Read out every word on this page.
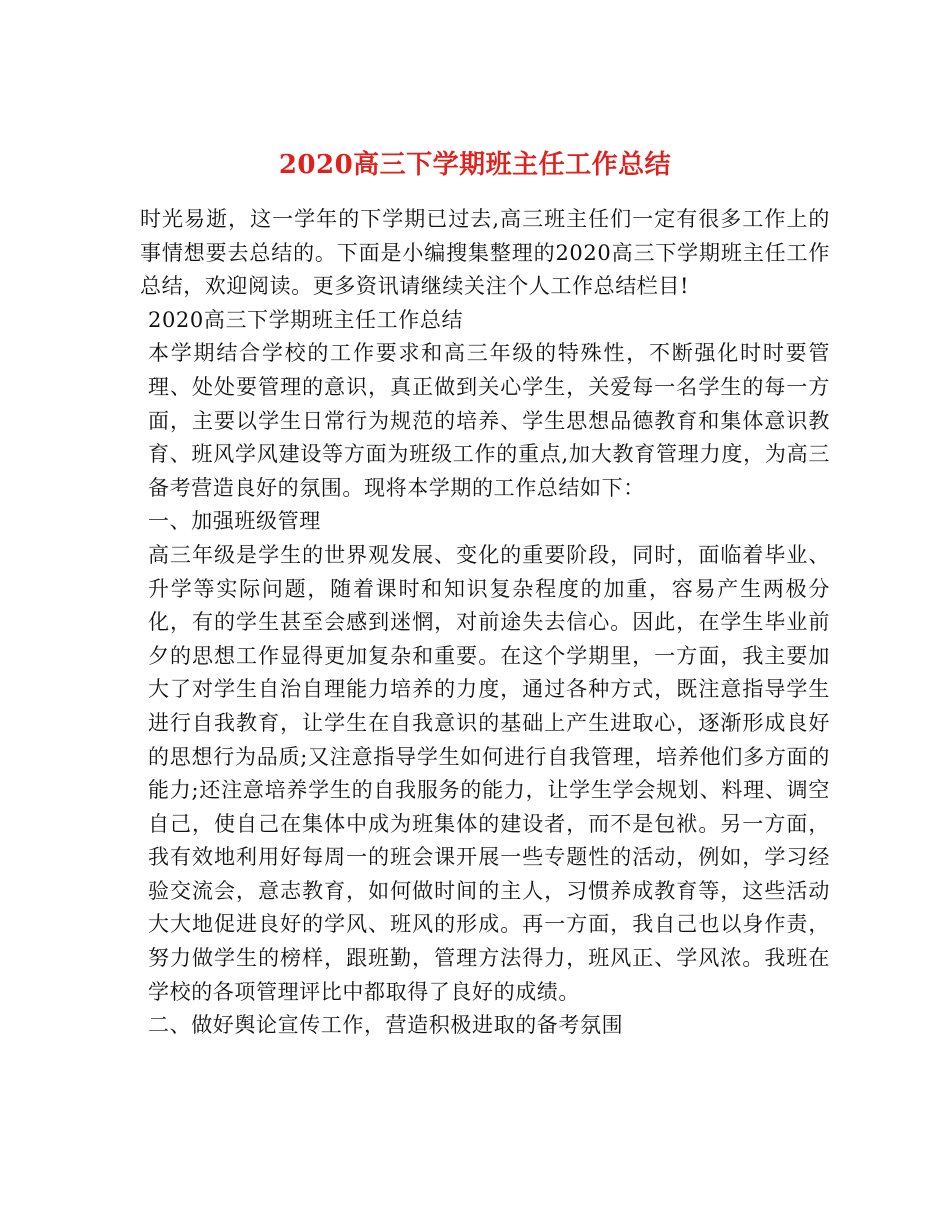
2020高三下学期班主任工作总结

时光易逝，这一学年的下学期已过去,高三班主任们一定有很多工作上的事情想要去总结的。下面是小编搜集整理的2020高三下学期班主任工作总结，欢迎阅读。更多资讯请继续关注个人工作总结栏目!

2020高三下学期班主任工作总结

本学期结合学校的工作要求和高三年级的特殊性，不断强化时时要管理、处处要管理的意识，真正做到关心学生，关爱每一名学生的每一方面，主要以学生日常行为规范的培养、学生思想品德教育和集体意识教育、班风学风建设等方面为班级工作的重点,加大教育管理力度，为高三备考营造良好的氛围。现将本学期的工作总结如下：

一、加强班级管理

高三年级是学生的世界观发展、变化的重要阶段，同时，面临着毕业、升学等实际问题，随着课时和知识复杂程度的加重，容易产生两极分化，有的学生甚至会感到迷惘，对前途失去信心。因此，在学生毕业前夕的思想工作显得更加复杂和重要。在这个学期里，一方面，我主要加大了对学生自治自理能力培养的力度，通过各种方式，既注意指导学生进行自我教育，让学生在自我意识的基础上产生进取心，逐渐形成良好的思想行为品质;又注意指导学生如何进行自我管理，培养他们多方面的能力;还注意培养学生的自我服务的能力，让学生学会规划、料理、调空自己，使自己在集体中成为班集体的建设者，而不是包袱。另一方面，我有效地利用好每周一的班会课开展一些专题性的活动，例如，学习经验交流会，意志教育，如何做时间的主人，习惯养成教育等，这些活动大大地促进良好的学风、班风的形成。再一方面，我自己也以身作责，努力做学生的榜样，跟班勤，管理方法得力，班风正、学风浓。我班在学校的各项管理评比中都取得了良好的成绩。

二、做好舆论宣传工作，营造积极进取的备考氛围
